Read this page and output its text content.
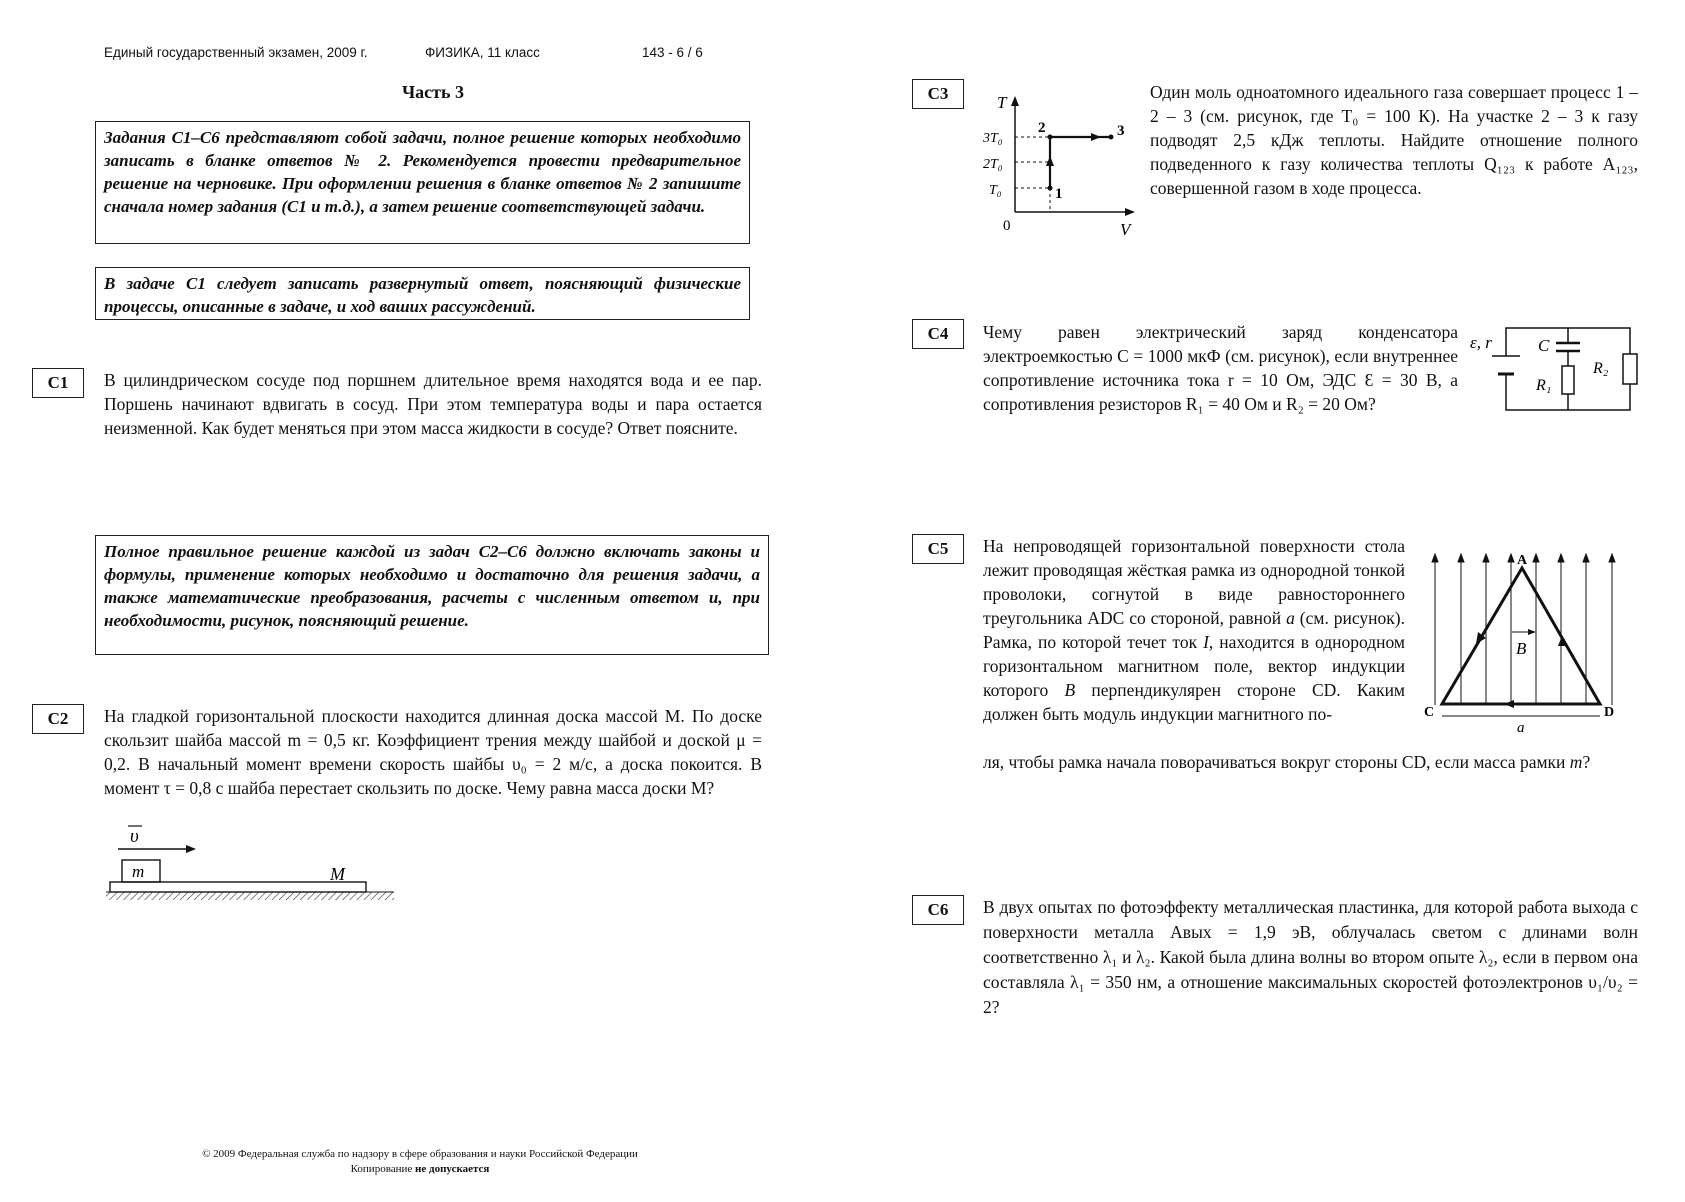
Единый государственный экзамен, 2009 г.	ФИЗИКА, 11 класс	143 - 6 / 6
Часть 3
Задания С1–С6 представляют собой задачи, полное решение которых необходимо записать в бланке ответов № 2. Рекомендуется провести предварительное решение на черновике. При оформлении решения в бланке ответов № 2 запишите сначала номер задания (С1 и т.д.), а затем решение соответствующей задачи.
В задаче С1 следует записать развернутый ответ, поясняющий физические процессы, описанные в задаче, и ход ваших рассуждений.
С1	В цилиндрическом сосуде под поршнем длительное время находятся вода и ее пар. Поршень начинают вдвигать в сосуд. При этом температура воды и пара остается неизменной. Как будет меняться при этом масса жидкости в сосуде? Ответ поясните.
Полное правильное решение каждой из задач С2–С6 должно включать законы и формулы, применение которых необходимо и достаточно для решения задачи, а также математические преобразования, расчеты с численным ответом и, при необходимости, рисунок, поясняющий решение.
С2	На гладкой горизонтальной плоскости находится длинная доска массой M. По доске скользит шайба массой m = 0,5 кг. Коэффициент трения между шайбой и доской μ = 0,2. В начальный момент времени скорость шайбы υ₀ = 2 м/с, а доска покоится. В момент τ = 0,8 с шайба перестает скользить по доске. Чему равна масса доски M?
υ
m	M
С3	T
V
0
3T₀
2T₀
T₀	1
2	3
Один моль одноатомного идеального газа совершает процесс 1 – 2 – 3 (см. рисунок, где T₀ = 100 К). На участке 2 – 3 к газу подводят 2,5 кДж теплоты. Найдите отношение полного подведенного к газу количества теплоты Q₁₂₃ к работе A₁₂₃, совершенной газом в ходе процесса.
С4	Чему равен электрический заряд конденсатора электроемкостью C = 1000 мкФ (см. рисунок), если внутреннее сопротивление источника тока r = 10 Ом, ЭДС Ɛ = 30 В, а сопротивления резисторов R₁ = 40 Ом и R₂ = 20 Ом?
ε, r	C
R₁
R₂
С5	На непроводящей горизонтальной поверхности стола лежит проводящая жёсткая рамка из однородной тонкой проволоки, согнутой в виде равностороннего треугольника ADC со стороной, равной a (см. рисунок). Рамка, по которой течет ток I, находится в однородном горизонтальном магнитном поле, вектор индукции которого B перпендикулярен стороне CD. Каким должен быть модуль индукции магнитного по-
ля, чтобы рамка начала поворачиваться вокруг стороны CD, если масса рамки m?
A
C	D
B
a
С6	В двух опытах по фотоэффекту металлическая пластинка, для которой работа выхода с поверхности металла Aвых = 1,9 эВ, облучалась светом с длинами волн соответственно λ₁ и λ₂. Какой была длина волны во втором опыте λ₂, если в первом она составляла λ₁ = 350 нм, а отношение максимальных скоростей фотоэлектронов υ₁/υ₂ = 2?
© 2009 Федеральная служба по надзору в сфере образования и науки Российской Федерации
Копирование не допускается
